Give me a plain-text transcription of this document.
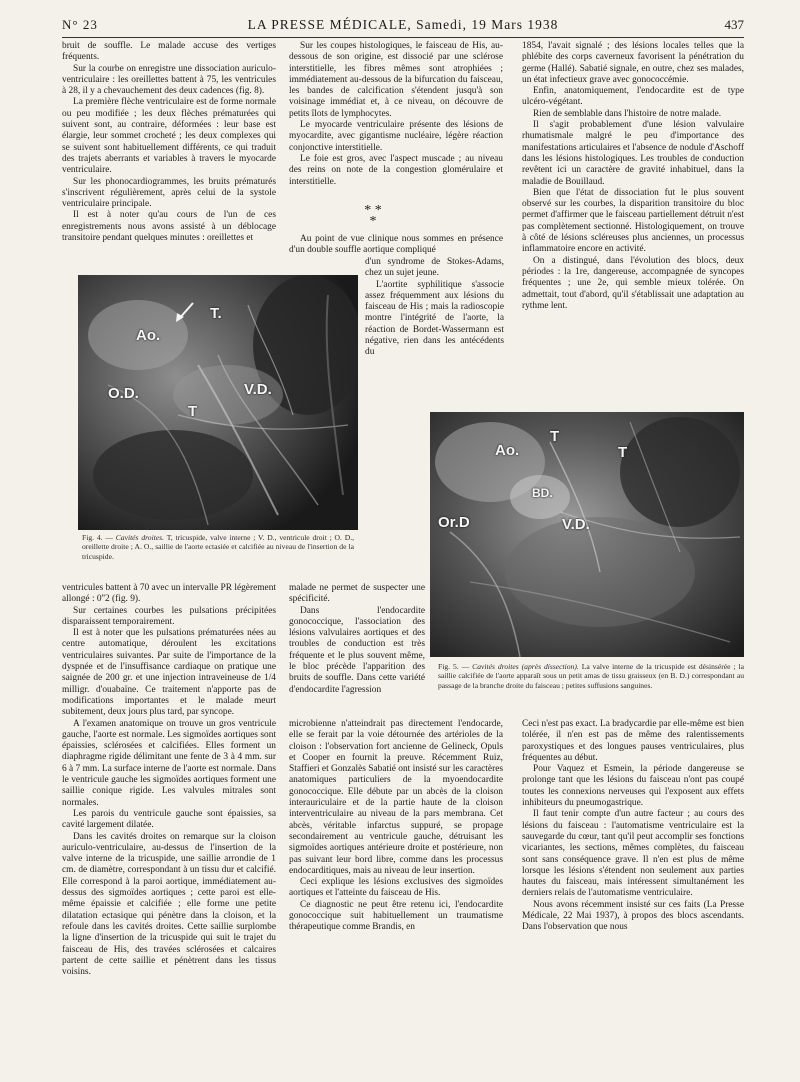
N° 23	LA PRESSE MÉDICALE, Samedi, 19 Mars 1938	437

bruit de souffle. Le malade accuse des vertiges fréquents.

Sur la courbe on enregistre une dissociation auriculo-ventriculaire : les oreillettes battent à 75, les ventricules à 28, il y a chevauchement des deux cadences (fig. 8).

La première flèche ventriculaire est de forme normale ou peu modifiée ; les deux flèches prématurées qui suivent sont, au contraire, déformées : leur base est élargie, leur sommet crocheté ; les deux complexes qui se suivent sont habituellement différents, ce qui traduit des trajets aberrants et variables à travers le myocarde ventriculaire.

Sur les phonocardiogrammes, les bruits prématurés s'inscrivent régulièrement, après celui de la systole ventriculaire principale.

Il est à noter qu'au cours de l'un de ces enregistrements nous avons assisté à un déblocage transitoire pendant quelques minutes : oreillettes et

Sur les coupes histologiques, le faisceau de His, au-dessous de son origine, est dissocié par une sclérose interstitielle, les fibres mêmes sont atrophiées ; immédiatement au-dessous de la bifurcation du faisceau, les bandes de calcification s'étendent jusqu'à son voisinage immédiat et, à ce niveau, on découvre de petits îlots de lymphocytes.

Le myocarde ventriculaire présente des lésions de myocardite, avec gigantisme nucléaire, légère réaction conjonctive interstitielle.

Le foie est gros, avec l'aspect muscade ; au niveau des reins on note de la congestion glomérulaire et interstitielle.

* * *

Au point de vue clinique nous sommes en présence d'un double souffle aortique compliqué

d'un syndrome de Stokes-Adams, chez un sujet jeune.

L'aortite syphilitique s'associe assez fréquemment aux lésions du faisceau de His ; mais la radioscopie montre l'intégrité de l'aorte, la réaction de Bordet-Wassermann est négative, rien dans les antécédents du

1854, l'avait signalé ; des lésions locales telles que la phlébite des corps caverneux favorisent la pénétration du germe (Hallé). Sabatié signale, en outre, chez ses malades, un état infectieux grave avec gonococcémie.

Enfin, anatomiquement, l'endocardite est de type ulcéro-végétant.

Rien de semblable dans l'histoire de notre malade.

Il s'agit probablement d'une lésion valvulaire rhumatismale malgré le peu d'importance des manifestations articulaires et l'absence de nodule d'Aschoff dans les lésions histologiques. Les troubles de conduction revêtent ici un caractère de gravité inhabituel, dans la maladie de Bouillaud.

Bien que l'état de dissociation fut le plus souvent observé sur les courbes, la disparition transitoire du bloc permet d'affirmer que le faisceau partiellement détruit n'est pas complètement sectionné. Histologiquement, on trouve à côté de lésions scléreuses plus anciennes, un processus inflammatoire encore en activité.

On a distingué, dans l'évolution des blocs, deux périodes : la 1re, dangereuse, accompagnée de syncopes fréquentes ; une 2e, qui semble mieux tolérée. On admettait, tout d'abord, qu'il s'établissait une adaptation au rythme lent.

Ao.
T.
O.D.	V.D.
T
Fig. 4. — Cavités droites. T, tricuspide, valve interne ; V. D., ventricule droit ; O. D., oreillette droite ; A. O., saillie de l'aorte ectasiée et calcifiée au niveau de l'insertion de la tricuspide.
Ao.
T
T
BD.
Or.D	V.D.
Fig. 5. — Cavités droites (après dissection). La valve interne de la tricuspide est désinsérée ; la saillie calcifiée de l'aorte apparaît sous un petit amas de tissu graisseux (en B. D.) correspondant au passage de la branche droite du faisceau ; petites suffusions sanguines.

ventricules battent à 70 avec un intervalle PR légèrement allongé : 0''2 (fig. 9).

Sur certaines courbes les pulsations précipitées disparaissent temporairement.

Il est à noter que les pulsations prématurées nées au centre automatique, déroulent les excitations ventriculaires suivantes. Par suite de l'importance de la dyspnée et de l'insuffisance cardiaque on pratique une saignée de 200 gr. et une injection intraveineuse de 1/4 milligr. d'ouabaïne. Ce traitement n'apporte pas de modifications importantes et le malade meurt subitement, deux jours plus tard, par syncope.

A l'examen anatomique on trouve un gros ventricule gauche, l'aorte est normale. Les sigmoïdes aortiques sont épaissies, sclérosées et calcifiées. Elles forment un diaphragme rigide délimitant une fente de 3 à 4 mm. sur 6 à 7 mm. La surface interne de l'aorte est normale. Dans le ventricule gauche les sigmoïdes aortiques forment une saillie conique rigide. Les valvules mitrales sont normales.

Les parois du ventricule gauche sont épaissies, sa cavité largement dilatée.

Dans les cavités droites on remarque sur la cloison auriculo-ventriculaire, au-dessus de l'insertion de la valve interne de la tricuspide, une saillie arrondie de 1 cm. de diamètre, correspondant à un tissu dur et calcifié. Elle correspond à la paroi aortique, immédiatement au-dessus des sigmoïdes aortiques ; cette paroi est elle-même épaissie et calcifiée ; elle forme une petite dilatation ectasique qui pénètre dans la cloison, et la refoule dans les cavités droites. Cette saillie surplombe la ligne d'insertion de la tricuspide qui suit le trajet du faisceau de His, des travées sclérosées et calcaires partent de cette saillie et pénètrent dans les tissus voisins.

malade ne permet de suspecter une spécificité.

Dans l'endocardite gonococcique, l'association des lésions valvulaires aortiques et des troubles de conduction est très fréquente et le plus souvent même, le bloc précède l'apparition des bruits de souffle. Dans cette variété d'endocardite l'agression

microbienne n'atteindrait pas directement l'endocarde, elle se ferait par la voie détournée des artérioles de la cloison : l'observation fort ancienne de Gelineck, Opuls et Cooper en fournit la preuve. Récemment Ruiz, Staffieri et Gonzalès Sabatié ont insisté sur les caractères anatomiques particuliers de la myoendocardite gonococcique. Elle débute par un abcès de la cloison interauriculaire et de la partie haute de la cloison interventriculaire au niveau de la pars membrana. Cet abcès, véritable infarctus suppuré, se propage secondairement au ventricule gauche, détruisant les sigmoïdes aortiques antérieure droite et postérieure, non pas suivant leur bord libre, comme dans les processus endocarditiques, mais au niveau de leur insertion.

Ceci explique les lésions exclusives des sigmoïdes aortiques et l'atteinte du faisceau de His.

Ce diagnostic ne peut être retenu ici, l'endocardite gonococcique suit habituellement un traumatisme thérapeutique comme Brandis, en

Ceci n'est pas exact. La bradycardie par elle-même est bien tolérée, il n'en est pas de même des ralentissements paroxystiques et des longues pauses ventriculaires, plus fréquentes au début.

Pour Vaquez et Esmein, la période dangereuse se prolonge tant que les lésions du faisceau n'ont pas coupé toutes les connexions nerveuses qui l'exposent aux effets inhibiteurs du pneumogastrique.

Il faut tenir compte d'un autre facteur ; au cours des lésions du faisceau : l'automatisme ventriculaire est la sauvegarde du cœur, tant qu'il peut accomplir ses fonctions vicariantes, les sections, mêmes complètes, du faisceau sont sans conséquence grave. Il n'en est plus de même lorsque les lésions s'étendent non seulement aux parties hautes du faisceau, mais intéressent simultanément les derniers relais de l'automatisme ventriculaire.

Nous avons récemment insisté sur ces faits (La Presse Médicale, 22 Mai 1937), à propos des blocs ascendants. Dans l'observation que nous
